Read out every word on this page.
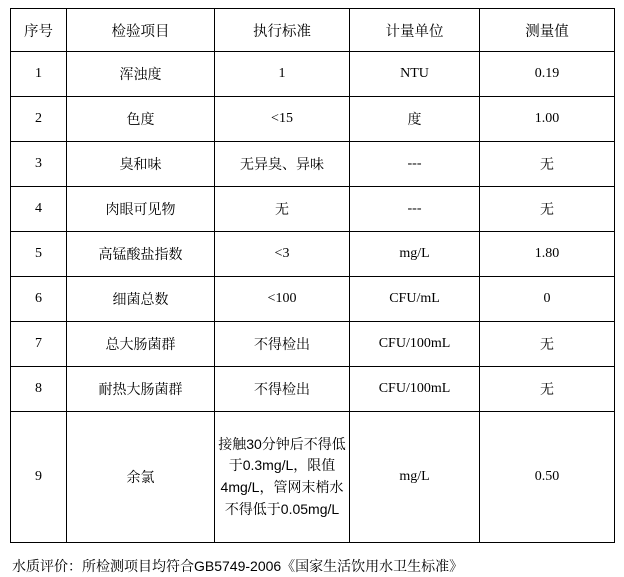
序号	检验项目	执行标准	计量单位	测量值
1	浑浊度	1	NTU	0.19
2	色度	<15	度	1.00
3	臭和味	无异臭、异味	---	无
4	肉眼可见物	无	---	无
5	高锰酸盐指数	<3	mg/L	1.80
6	细菌总数	<100	CFU/mL	0
7	总大肠菌群	不得检出	CFU/100mL	无
8	耐热大肠菌群	不得检出	CFU/100mL	无
9	余氯	接触30分钟后不得低于0.3mg/L，限值4mg/L，管网末梢水不得低于0.05mg/L	mg/L	0.50
水质评价：所检测项目均符合GB5749-2006《国家生活饮用水卫生标准》
